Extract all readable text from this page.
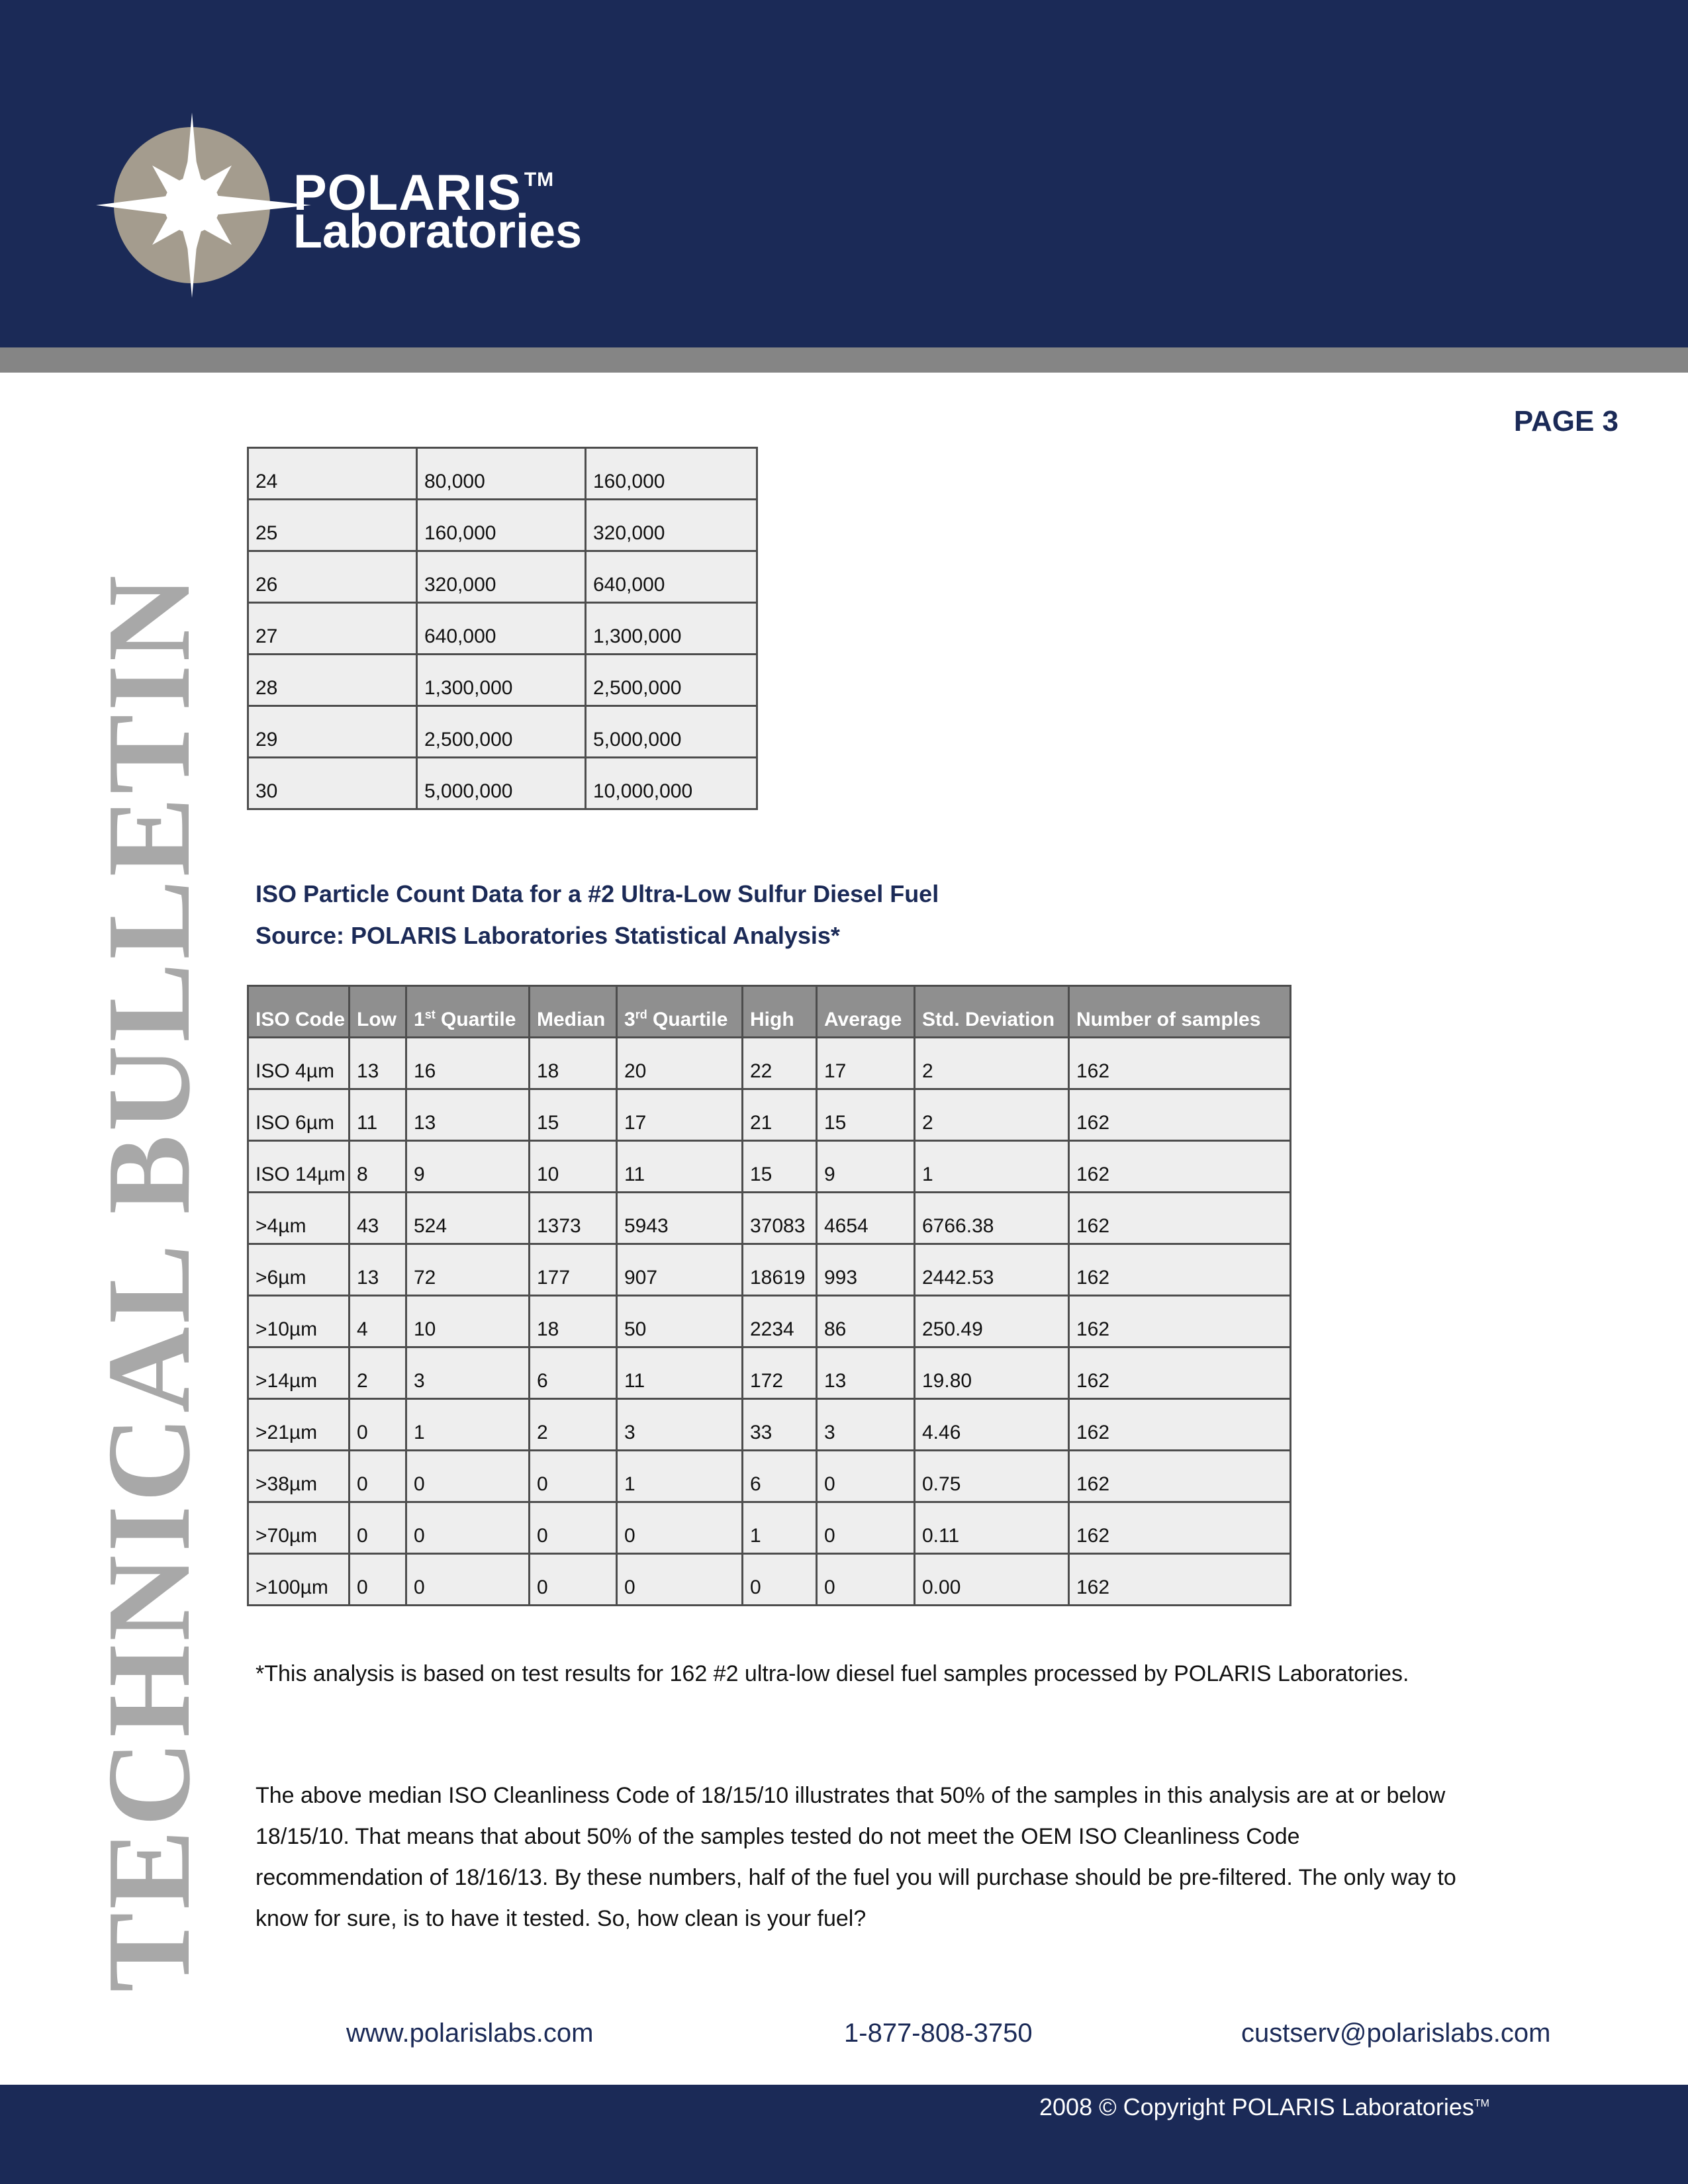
POLARIS ™
Laboratories
PAGE 3
TECHNICAL BULLETIN
24	80,000	160,000
25	160,000	320,000
26	320,000	640,000
27	640,000	1,300,000
28	1,300,000	2,500,000
29	2,500,000	5,000,000
30	5,000,000	10,000,000
ISO Particle Count Data for a #2 Ultra-Low Sulfur Diesel Fuel
Source: POLARIS Laboratories Statistical Analysis*
ISO Code	Low	1st Quartile	Median	3rd Quartile	High	Average	Std. Deviation	Number of samples
ISO 4µm	13	16	18	20	22	17	2	162
ISO 6µm	11	13	15	17	21	15	2	162
ISO 14µm	8	9	10	11	15	9	1	162
>4µm	43	524	1373	5943	37083	4654	6766.38	162
>6µm	13	72	177	907	18619	993	2442.53	162
>10µm	4	10	18	50	2234	86	250.49	162
>14µm	2	3	6	11	172	13	19.80	162
>21µm	0	1	2	3	33	3	4.46	162
>38µm	0	0	0	1	6	0	0.75	162
>70µm	0	0	0	0	1	0	0.11	162
>100µm	0	0	0	0	0	0	0.00	162
*This analysis is based on test results for 162 #2 ultra-low diesel fuel samples processed by POLARIS Laboratories.
The above median ISO Cleanliness Code of 18/15/10 illustrates that 50% of the samples in this analysis are at or below 18/15/10. That means that about 50% of the samples tested do not meet the OEM ISO Cleanliness Code recommendation of 18/16/13. By these numbers, half of the fuel you will purchase should be pre-filtered. The only way to know for sure, is to have it tested. So, how clean is your fuel?
www.polarislabs.com	1-877-808-3750	custserv@polarislabs.com
2008 © Copyright POLARIS Laboratories™
